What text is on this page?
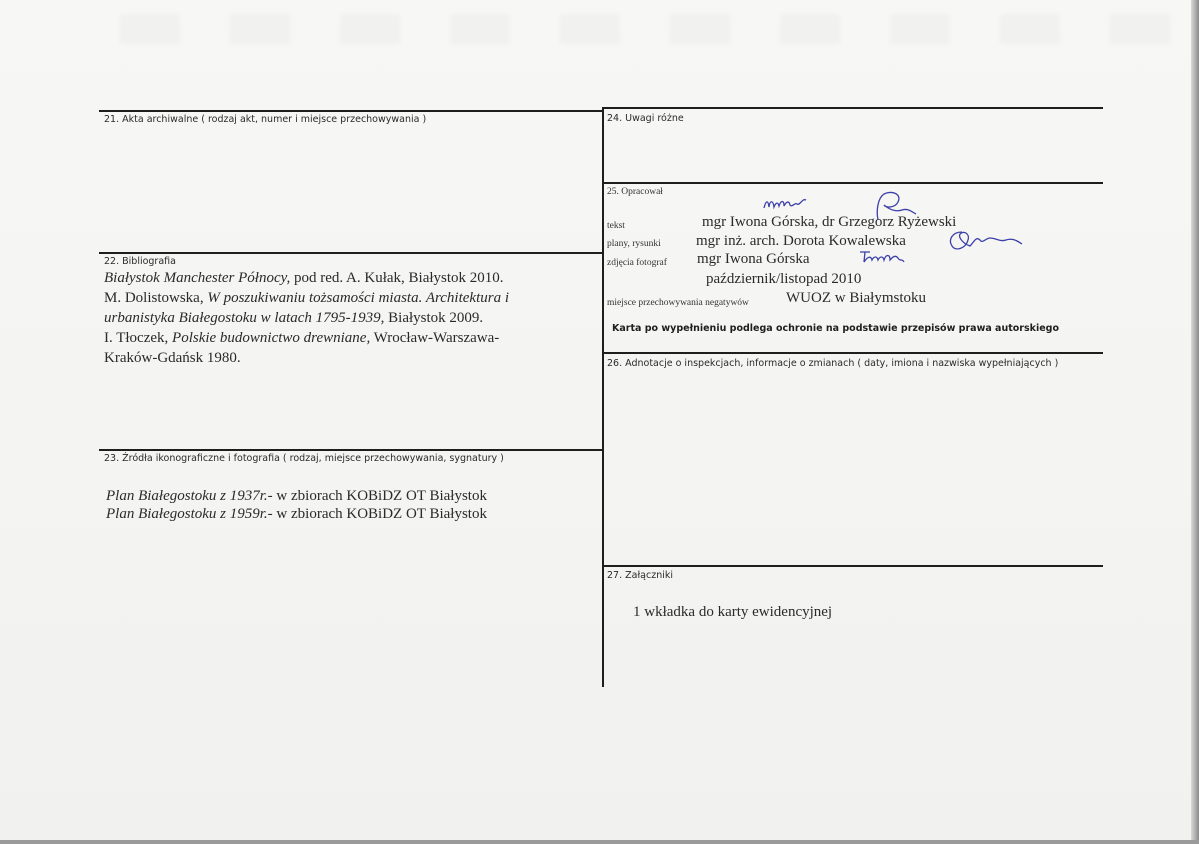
21. Akta archiwalne ( rodzaj akt, numer i miejsce przechowywania )
22. Bibliografia

Białystok Manchester Północy, pod red. A. Kułak, Białystok 2010.

M. Dolistowska, W poszukiwaniu tożsamości miasta. Architektura i

urbanistyka Białegostoku w latach 1795-1939, Białystok 2009.

I. Tłoczek, Polskie budownictwo drewniane, Wrocław-Warszawa-

Kraków-Gdańsk 1980.

23. Źródła ikonograficzne i fotografia ( rodzaj, miejsce przechowywania, sygnatury )
Plan Białegostoku z 1937r.- w zbiorach KOBiDZ OT Białystok
Plan Białegostoku z 1959r.- w zbiorach KOBiDZ OT Białystok
24. Uwagi różne
25. Opracował
tekst	mgr Iwona Górska, dr Grzegorz Ryżewski
plany, rysunki mgr inż. arch. Dorota Kowalewska
zdjęcia fotograf mgr Iwona Górska
październik/listopad 2010
miejsce przechowywania negatywów WUOZ w Białymstoku
Karta po wypełnieniu podlega ochronie na podstawie przepisów prawa autorskiego
26. Adnotacje o inspekcjach, informacje o zmianach ( daty, imiona i nazwiska wypełniających )
27. Załączniki
1 wkładka do karty ewidencyjnej
